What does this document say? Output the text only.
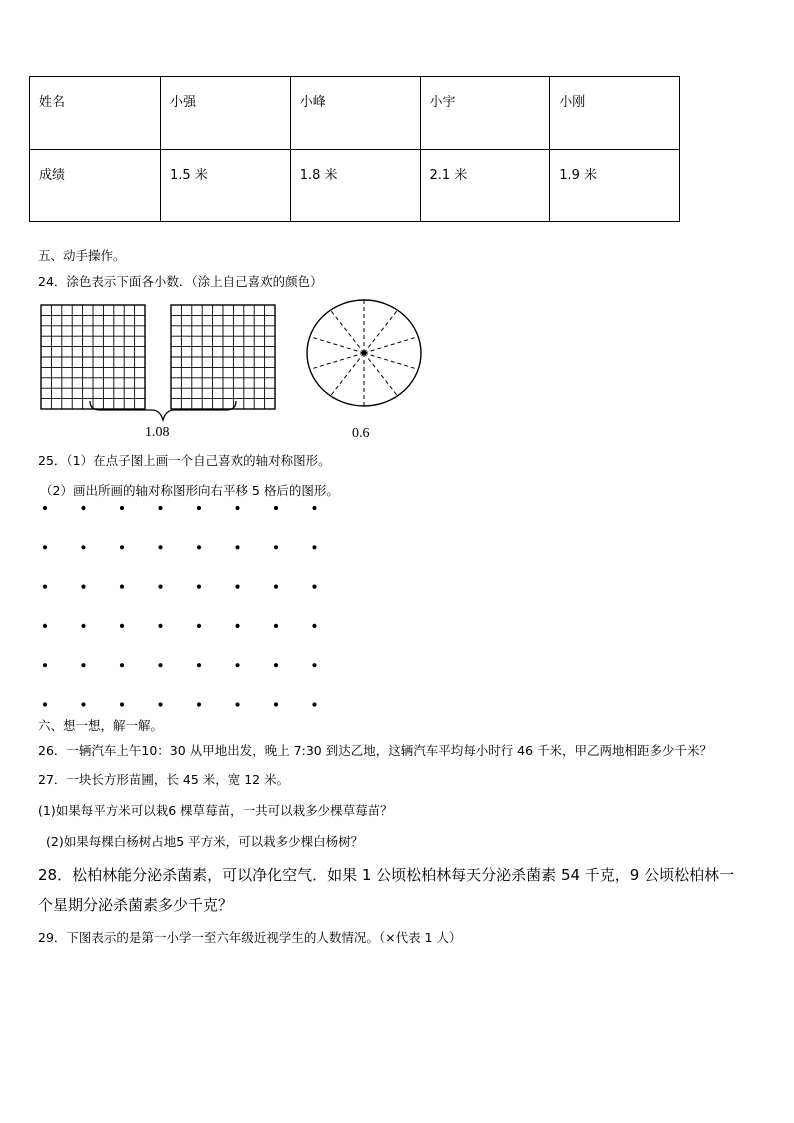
姓名	小强	小峰	小宇	小刚
成绩	1.5 米	1.8 米	2.1 米	1.9 米
五、动手操作。
24．涂色表示下面各小数．（涂上自己喜欢的颜色）
1.08	0.6
25．（1）在点子图上画一个自己喜欢的轴对称图形。
（2）画出所画的轴对称图形向右平移 5 格后的图形。
六、想一想，解一解。
26．一辆汽车上午10：30 从甲地出发，晚上 7:30 到达乙地，这辆汽车平均每小时行 46 千米，甲乙两地相距多少千米？
27．一块长方形苗圃，长 45 米，宽 12 米。
(1)如果每平方米可以栽6 棵草莓苗，一共可以栽多少棵草莓苗？
(2)如果每棵白杨树占地5 平方米，可以栽多少棵白杨树？
28．松柏林能分泌杀菌素，可以净化空气．如果 1 公顷松柏林每天分泌杀菌素 54 千克，9 公顷松柏林一
个星期分泌杀菌素多少千克？
29．下图表示的是第一小学一至六年级近视学生的人数情况。（×代表 1 人）
